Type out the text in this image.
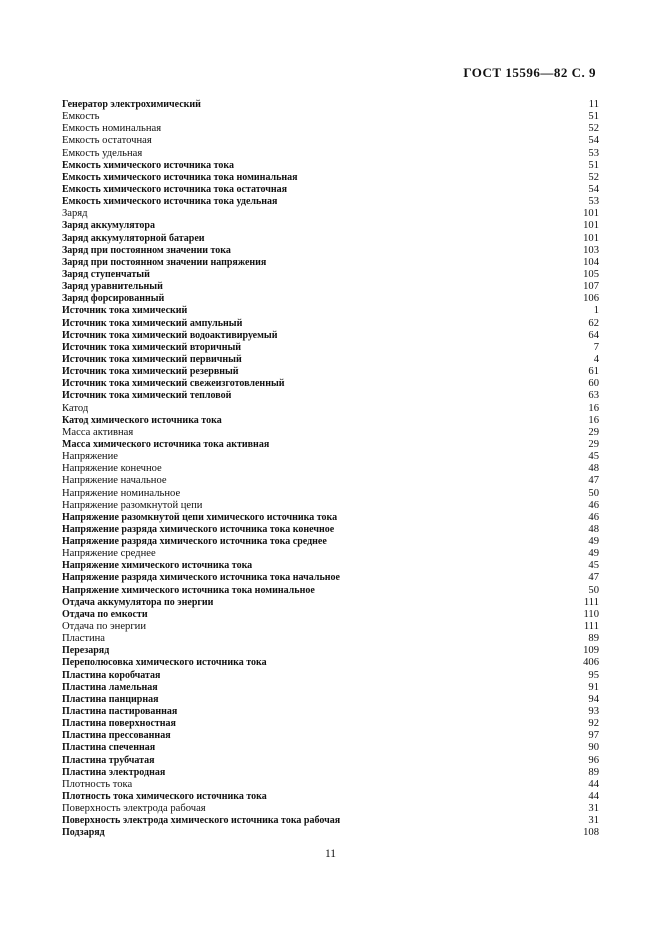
ГОСТ 15596—82 С. 9
Генератор электрохимический	11
Емкость	51
Емкость номинальная	52
Емкость остаточная	54
Емкость удельная	53
Емкость химического источника тока	51
Емкость химического источника тока номинальная	52
Емкость химического источника тока остаточная	54
Емкость химического источника тока удельная	53
Заряд	101
Заряд аккумулятора	101
Заряд аккумуляторной батареи	101
Заряд при постоянном значении тока	103
Заряд при постоянном значении напряжения	104
Заряд ступенчатый	105
Заряд уравнительный	107
Заряд форсированный	106
Источник тока химический	1
Источник тока химический ампульный	62
Источник тока химический водоактивируемый	64
Источник тока химический вторичный	7
Источник тока химический первичный	4
Источник тока химический резервный	61
Источник тока химический свежеизготовленный	60
Источник тока химический тепловой	63
Катод	16
Катод химического источника тока	16
Масса активная	29
Масса химического источника тока активная	29
Напряжение	45
Напряжение конечное	48
Напряжение начальное	47
Напряжение номинальное	50
Напряжение разомкнутой цепи	46
Напряжение разомкнутой цепи химического источника тока	46
Напряжение разряда химического источника тока конечное	48
Напряжение разряда химического источника тока среднее	49
Напряжение среднее	49
Напряжение химического источника тока	45
Напряжение разряда химического источника тока начальное	47
Напряжение химического источника тока номинальное	50
Отдача аккумулятора по энергии	111
Отдача по емкости	110
Отдача по энергии	111
Пластина	89
Перезаряд	109
Переполюсовка химического источника тока	406
Пластина коробчатая	95
Пластина ламельная	91
Пластина панцирная	94
Пластина пастированная	93
Пластина поверхностная	92
Пластина прессованная	97
Пластина спеченная	90
Пластина трубчатая	96
Пластина электродная	89
Плотность тока	44
Плотность тока химического источника тока	44
Поверхность электрода рабочая	31
Поверхность электрода химического источника тока рабочая	31
Подзаряд	108
11
